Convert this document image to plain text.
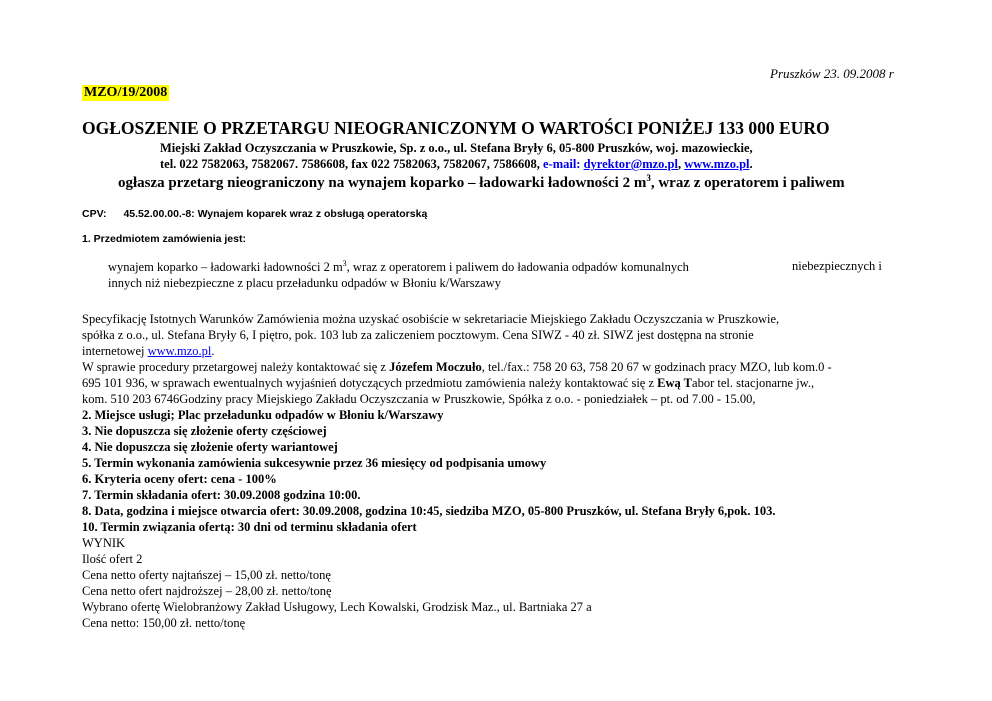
Pruszków 23. 09.2008 r
MZO/19/2008
OGŁOSZENIE O PRZETARGU NIEOGRANICZONYM O WARTOŚCI PONIŻEJ 133 000 EURO
Miejski Zakład Oczyszczania w Pruszkowie, Sp. z o.o., ul. Stefana Bryły 6, 05-800 Pruszków, woj. mazowieckie,
tel. 022 7582063, 7582067. 7586608, fax 022 7582063, 7582067, 7586608, e-mail: dyrektor@mzo.pl, www.mzo.pl.
ogłasza przetarg nieograniczony na wynajem koparko – ładowarki ładowności 2 $m^3$, wraz z operatorem i paliwem
CPV: 45.52.00.00.-8: Wynajem koparek wraz z obsługą operatorską
1. Przedmiotem zamówienia jest:
wynajem koparko – ładowarki ładowności 2 $m^3$, wraz z operatorem i paliwem do ładowania odpadów komunalnych	niebezpiecznych i
innych niż niebezpieczne z placu przeładunku odpadów w Błoniu k/Warszawy
Specyfikację Istotnych Warunków Zamówienia można uzyskać osobiście w sekretariacie Miejskiego Zakładu Oczyszczania w Pruszkowie,
spółka z o.o., ul. Stefana Bryły 6, I piętro, pok. 103 lub za zaliczeniem pocztowym. Cena SIWZ - 40 zł. SIWZ jest dostępna na stronie
internetowej www.mzo.pl.
W sprawie procedury przetargowej należy kontaktować się z Józefem Moczuło, tel./fax.: 758 20 63, 758 20 67 w godzinach pracy MZO, lub kom.0 -
695 101 936, w sprawach ewentualnych wyjaśnień dotyczących przedmiotu zamówienia należy kontaktować się z Ewą Tabor tel. stacjonarne jw.,
kom. 510 203 6746Godziny pracy Miejskiego Zakładu Oczyszczania w Pruszkowie, Spółka z o.o. - poniedziałek – pt. od 7.00 - 15.00,
2. Miejsce usługi; Plac przeładunku odpadów w Błoniu k/Warszawy
3. Nie dopuszcza się złożenie oferty częściowej
4. Nie dopuszcza się złożenie oferty wariantowej
5. Termin wykonania zamówienia sukcesywnie przez 36 miesięcy od podpisania umowy
6. Kryteria oceny ofert: cena - 100%
7. Termin składania ofert: 30.09.2008 godzina 10:00.
8. Data, godzina i miejsce otwarcia ofert: 30.09.2008, godzina 10:45, siedziba MZO, 05-800 Pruszków, ul. Stefana Bryły 6,pok. 103.
10. Termin związania ofertą: 30 dni od terminu składania ofert
WYNIK
Ilość ofert 2
Cena netto oferty najtańszej – 15,00 zł. netto/tonę
Cena netto ofert najdroższej – 28,00 zł. netto/tonę
Wybrano ofertę Wielobranżowy Zakład Usługowy, Lech Kowalski, Grodzisk Maz., ul. Bartniaka 27 a
Cena netto: 150,00 zł. netto/tonę
